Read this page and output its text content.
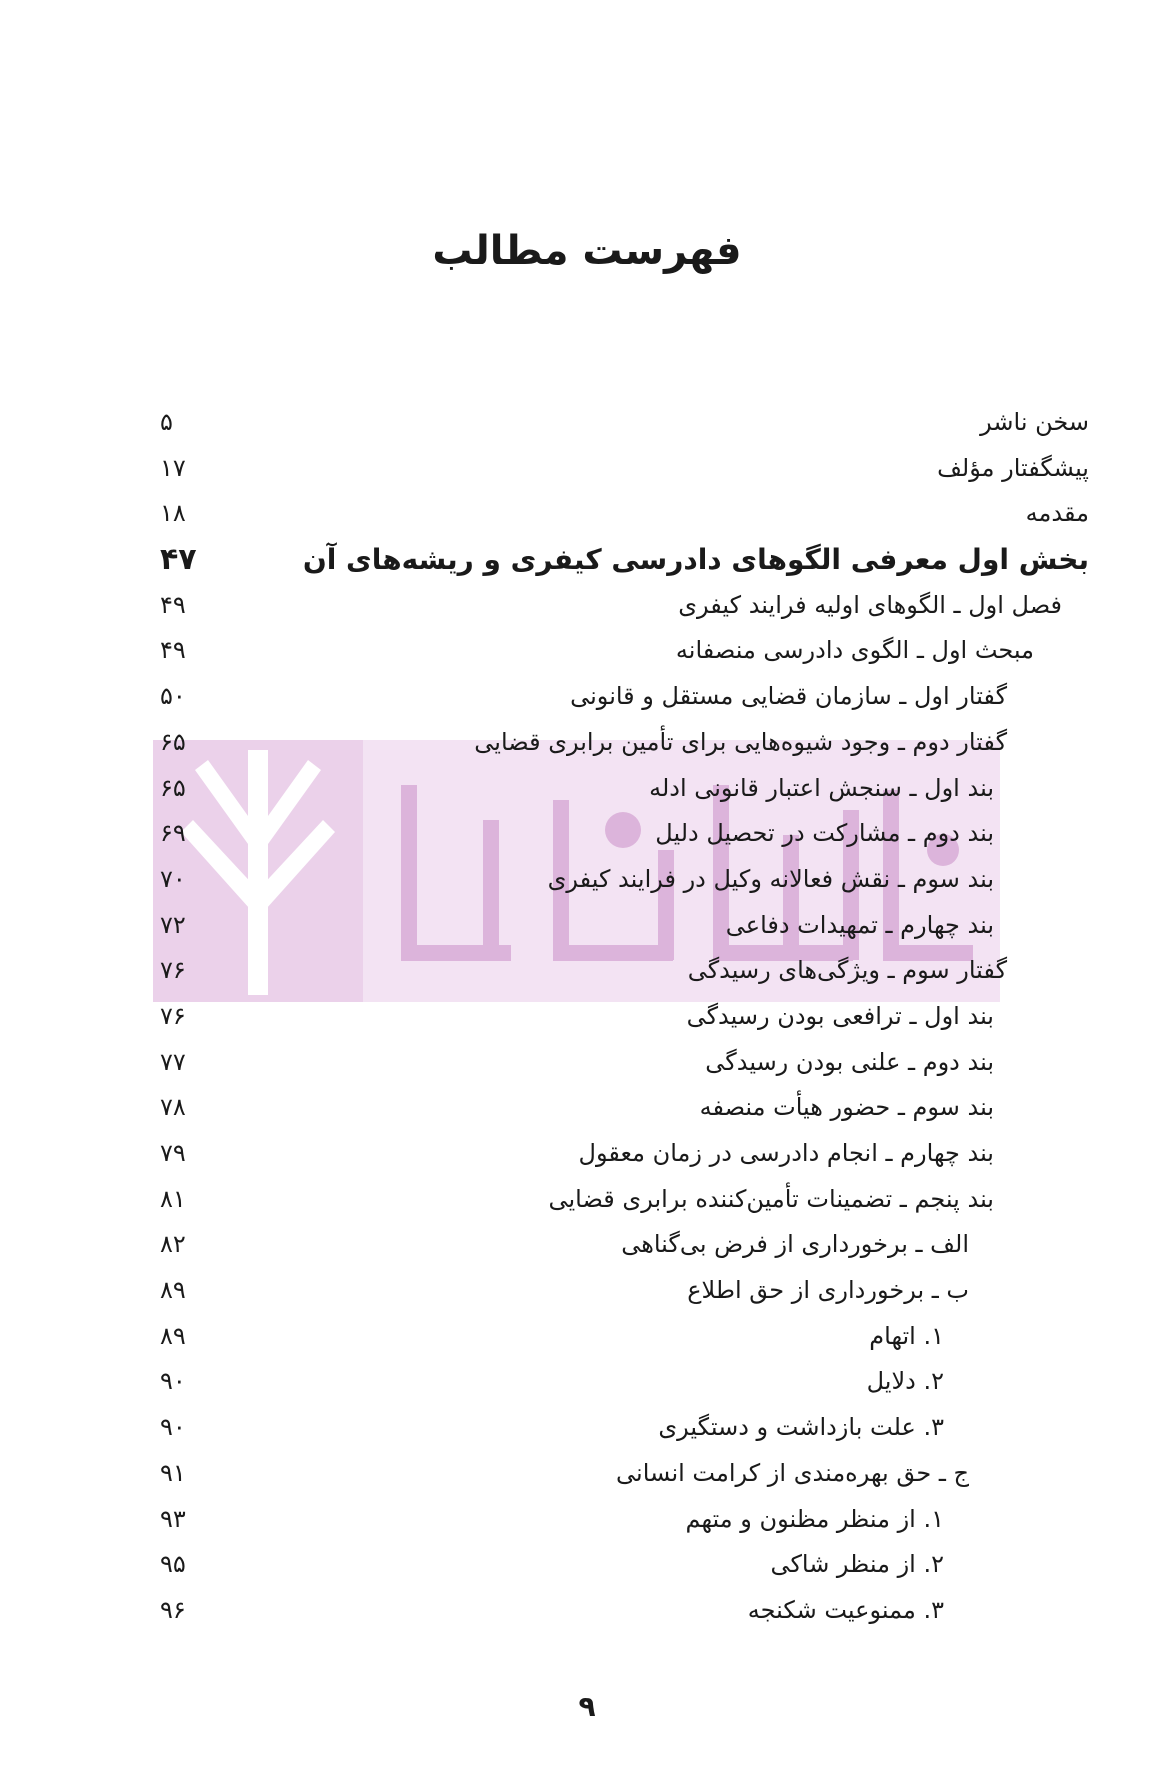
فهرست مطالب
سخن ناشر
۵
پیشگفتار مؤلف
۱۷
مقدمه
۱۸
بخش اول معرفی الگوهای دادرسی کیفری و ریشه‌های آن
۴۷
فصل اول ـ الگوهای اولیه فرایند کیفری
۴۹
مبحث اول ـ الگوی دادرسی منصفانه
۴۹
گفتار اول ـ سازمان قضایی مستقل و قانونی
۵۰
گفتار دوم ـ وجود شیوه‌هایی برای تأمین برابری قضایی
۶۵
بند اول ـ سنجش اعتبار قانونی ادله
۶۵
بند دوم ـ مشارکت در تحصیل دلیل
۶۹
بند سوم ـ نقش فعالانه وکیل در فرایند کیفری
۷۰
بند چهارم ـ تمهیدات دفاعی
۷۲
گفتار سوم ـ ویژگی‌های رسیدگی
۷۶
بند اول ـ ترافعی بودن رسیدگی
۷۶
بند دوم ـ علنی بودن رسیدگی
۷۷
بند سوم ـ حضور هیأت منصفه
۷۸
بند چهارم ـ انجام دادرسی در زمان معقول
۷۹
بند پنجم ـ تضمینات تأمین‌کننده برابری قضایی
۸۱
الف ـ برخورداری از فرض بی‌گناهی
۸۲
ب ـ برخورداری از حق اطلاع
۸۹
۱. اتهام
۸۹
۲. دلایل
۹۰
۳. علت بازداشت و دستگیری
۹۰
ج ـ حق بهره‌مندی از کرامت انسانی
۹۱
۱. از منظر مظنون و متهم
۹۳
۲. از منظر شاکی
۹۵
۳. ممنوعیت شکنجه
۹۶
۹
